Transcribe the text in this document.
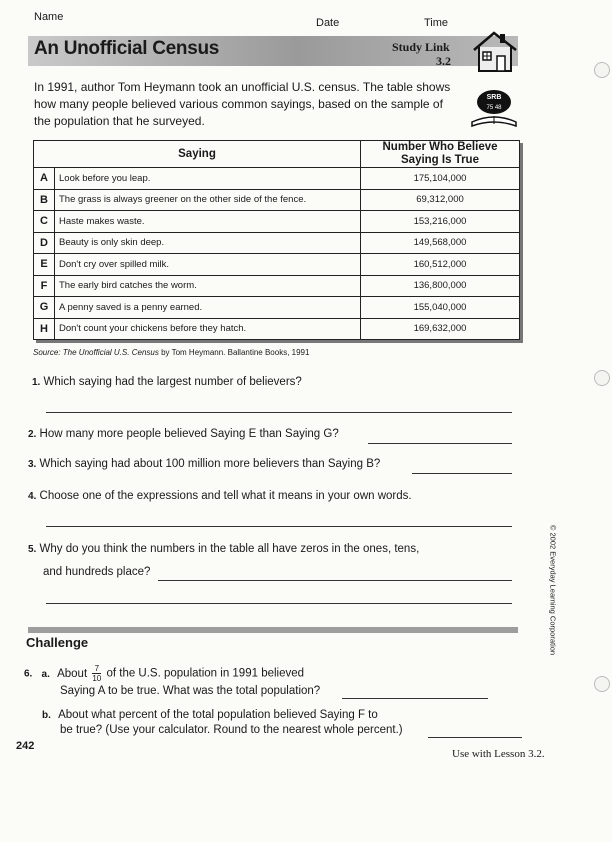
Name	Date	Time
An Unofficial Census	Study Link
3.2
In 1991, author Tom Heymann took an unofficial U.S. census. The table shows how many people believed various common sayings, based on the sample of the population that he surveyed.
SRB
75 48
Saying		Number Who Believe
Saying Is True
A	Look before you leap.	175,104,000
B	The grass is always greener on the other side of the fence.	69,312,000
C	Haste makes waste.	153,216,000
D	Beauty is only skin deep.	149,568,000
E	Don't cry over spilled milk.	160,512,000
F	The early bird catches the worm.	136,800,000
G	A penny saved is a penny earned.	155,040,000
H	Don't count your chickens before they hatch.	169,632,000
Source: The Unofficial U.S. Census by Tom Heymann. Ballantine Books, 1991
1. Which saying had the largest number of believers?
2. How many more people believed Saying E than Saying G?
3. Which saying had about 100 million more believers than Saying B?
4. Choose one of the expressions and tell what it means in your own words.
5. Why do you think the numbers in the table all have zeros in the ones, tens,
and hundreds place?
Challenge
6. a. About $\frac{7}{10}$ of the U.S. population in 1991 believed
Saying A to be true. What was the total population?
b. About what percent of the total population believed Saying F to
be true? (Use your calculator. Round to the nearest whole percent.)
242
Use with Lesson 3.2.
© 2002 Everyday Learning Corporation
